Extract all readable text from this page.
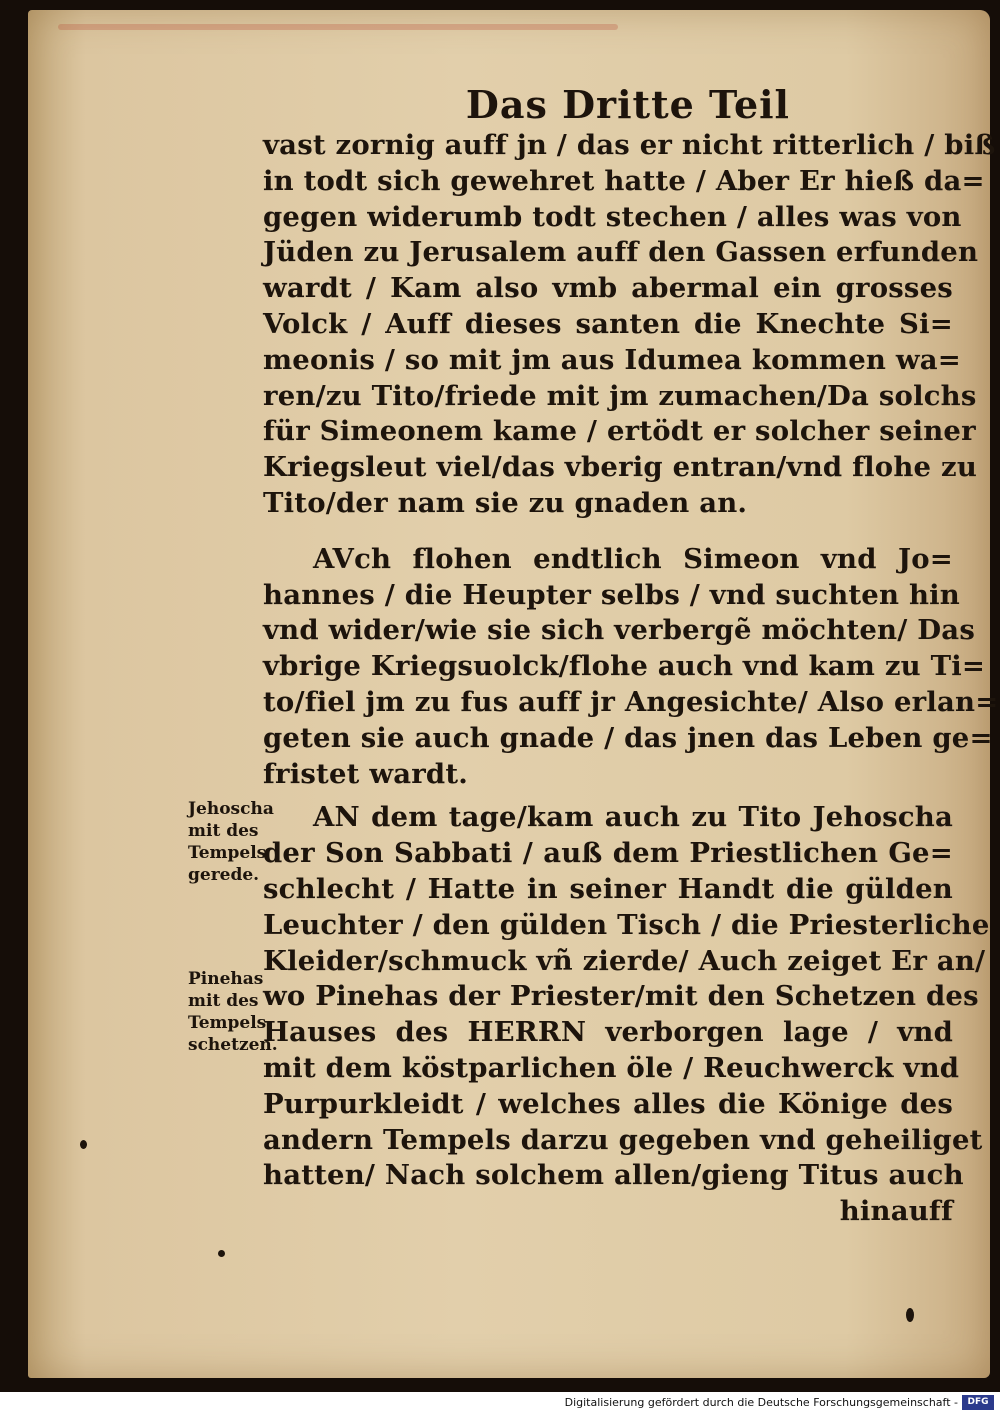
Das Dritte Teil
Jehoscha
mit des
Tempels
gerede.
Pinehas
mit des
Tempels
schetzen.
vast zornig auff jn / das er nicht ritterlich / biß
in todt sich gewehret hatte / Aber Er hieß da=
gegen widerumb todt stechen / alles was von
Jüden zu Jerusalem auff den Gassen erfunden
wardt / Kam also vmb abermal ein grosses
Volck / Auff dieses santen die Knechte Si=
meonis / so mit jm aus Idumea kommen wa=
ren/zu Tito/friede mit jm zumachen/Da solchs
für Simeonem kame / ertödt er solcher seiner
Kriegsleut viel/das vberig entran/vnd flohe zu
Tito/der nam sie zu gnaden an.
AVch flohen endtlich Simeon vnd Jo=
hannes / die Heupter selbs / vnd suchten hin
vnd wider/wie sie sich verbergẽ möchten/ Das
vbrige Kriegsuolck/flohe auch vnd kam zu Ti=
to/fiel jm zu fus auff jr Angesichte/ Also erlan=
geten sie auch gnade / das jnen das Leben ge=
fristet wardt.
AN dem tage/kam auch zu Tito Jehoscha
der Son Sabbati / auß dem Priestlichen Ge=
schlecht / Hatte in seiner Handt die gülden
Leuchter / den gülden Tisch / die Priesterliche
Kleider/schmuck vñ zierde/ Auch zeiget Er an/
wo Pinehas der Priester/mit den Schetzen des
Hauses des HERRN verborgen lage / vnd
mit dem köstparlichen öle / Reuchwerck vnd
Purpurkleidt / welches alles die Könige des
andern Tempels darzu gegeben vnd geheiliget
hatten/ Nach solchem allen/gieng Titus auch
hinauff
Digitalisierung gefördert durch die Deutsche Forschungsgemeinschaft -	DFG
